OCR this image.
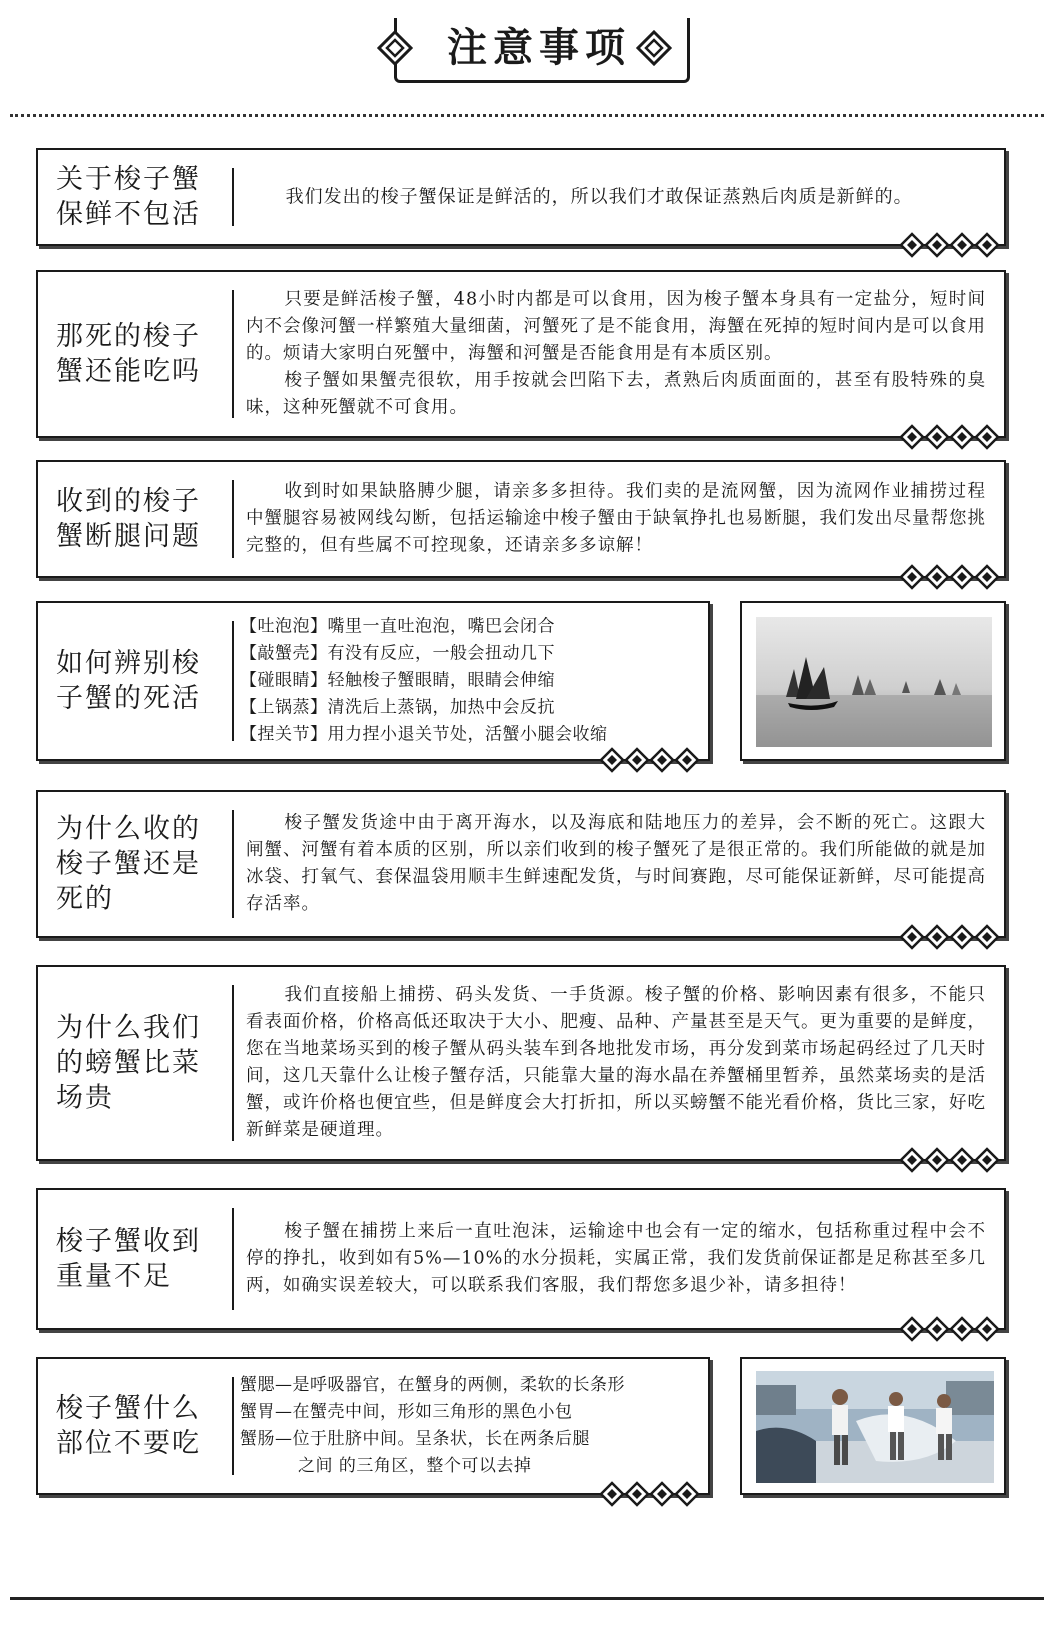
注意事项
关于梭子蟹保鲜不包活

我们发出的梭子蟹保证是鲜活的，所以我们才敢保证蒸熟后肉质是新鲜的。

那死的梭子蟹还能吃吗

只要是鲜活梭子蟹，48小时内都是可以食用，因为梭子蟹本身具有一定盐分，短时间内不会像河蟹一样繁殖大量细菌，河蟹死了是不能食用，海蟹在死掉的短时间内是可以食用的。烦请大家明白死蟹中，海蟹和河蟹是否能食用是有本质区别。

梭子蟹如果蟹壳很软，用手按就会凹陷下去，煮熟后肉质面面的，甚至有股特殊的臭味，这种死蟹就不可食用。

收到的梭子蟹断腿问题

收到时如果缺胳膊少腿，请亲多多担待。我们卖的是流网蟹，因为流网作业捕捞过程中蟹腿容易被网线勾断，包括运输途中梭子蟹由于缺氧挣扎也易断腿，我们发出尽量帮您挑完整的，但有些属不可控现象，还请亲多多谅解！

如何辨别梭子蟹的死活
【吐泡泡】嘴里一直吐泡泡，嘴巴会闭合
【敲蟹壳】有没有反应，一般会扭动几下
【碰眼睛】轻触梭子蟹眼睛，眼睛会伸缩
【上锅蒸】清洗后上蒸锅，加热中会反抗
【捏关节】用力捏小退关节处，活蟹小腿会收缩
为什么收的梭子蟹还是死的

梭子蟹发货途中由于离开海水，以及海底和陆地压力的差异，会不断的死亡。这跟大闸蟹、河蟹有着本质的区别，所以亲们收到的梭子蟹死了是很正常的。我们所能做的就是加冰袋、打氧气、套保温袋用顺丰生鲜速配发货，与时间赛跑，尽可能保证新鲜，尽可能提高存活率。

为什么我们的螃蟹比菜场贵

我们直接船上捕捞、码头发货、一手货源。梭子蟹的价格、影响因素有很多，不能只看表面价格，价格高低还取决于大小、肥瘦、品种、产量甚至是天气。更为重要的是鲜度，您在当地菜场买到的梭子蟹从码头装车到各地批发市场，再分发到菜市场起码经过了几天时间，这几天靠什么让梭子蟹存活，只能靠大量的海水晶在养蟹桶里暂养，虽然菜场卖的是活蟹，或许价格也便宜些，但是鲜度会大打折扣，所以买螃蟹不能光看价格，货比三家，好吃新鲜菜是硬道理。

梭子蟹收到重量不足

梭子蟹在捕捞上来后一直吐泡沫，运输途中也会有一定的缩水，包括称重过程中会不停的挣扎，收到如有5%—10%的水分损耗，实属正常，我们发货前保证都是足称甚至多几两，如确实误差较大，可以联系我们客服，我们帮您多退少补，请多担待！

梭子蟹什么部位不要吃
蟹腮—是呼吸器官，在蟹身的两侧，柔软的长条形
蟹胃—在蟹壳中间，形如三角形的黑色小包
蟹肠—位于肚脐中间。呈条状，长在两条后腿
之间 的三角区，整个可以去掉
